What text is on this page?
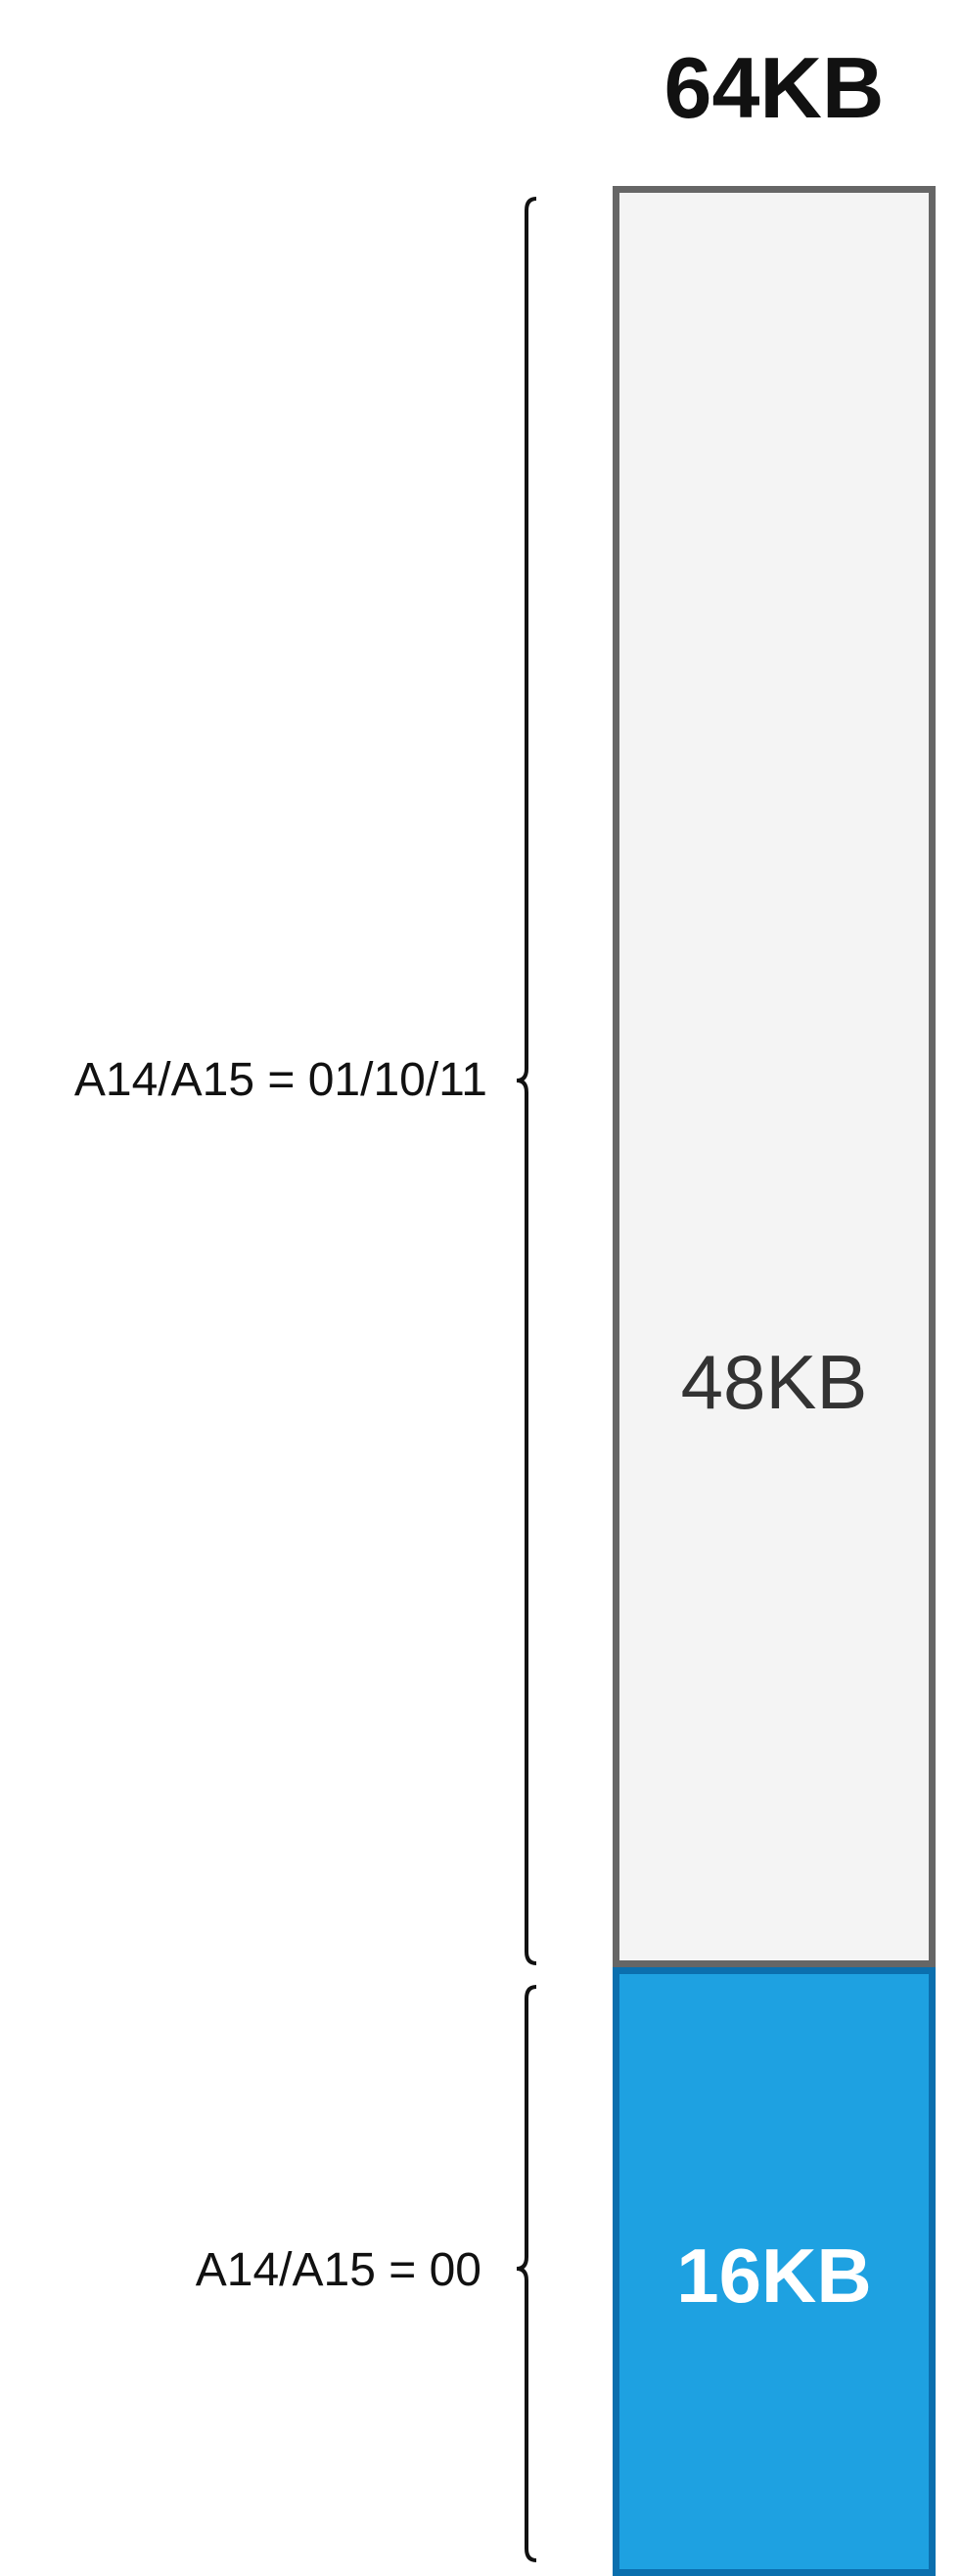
64KB
A14/A15 = 01/10/11
A14/A15 = 00
48KB
16KB
